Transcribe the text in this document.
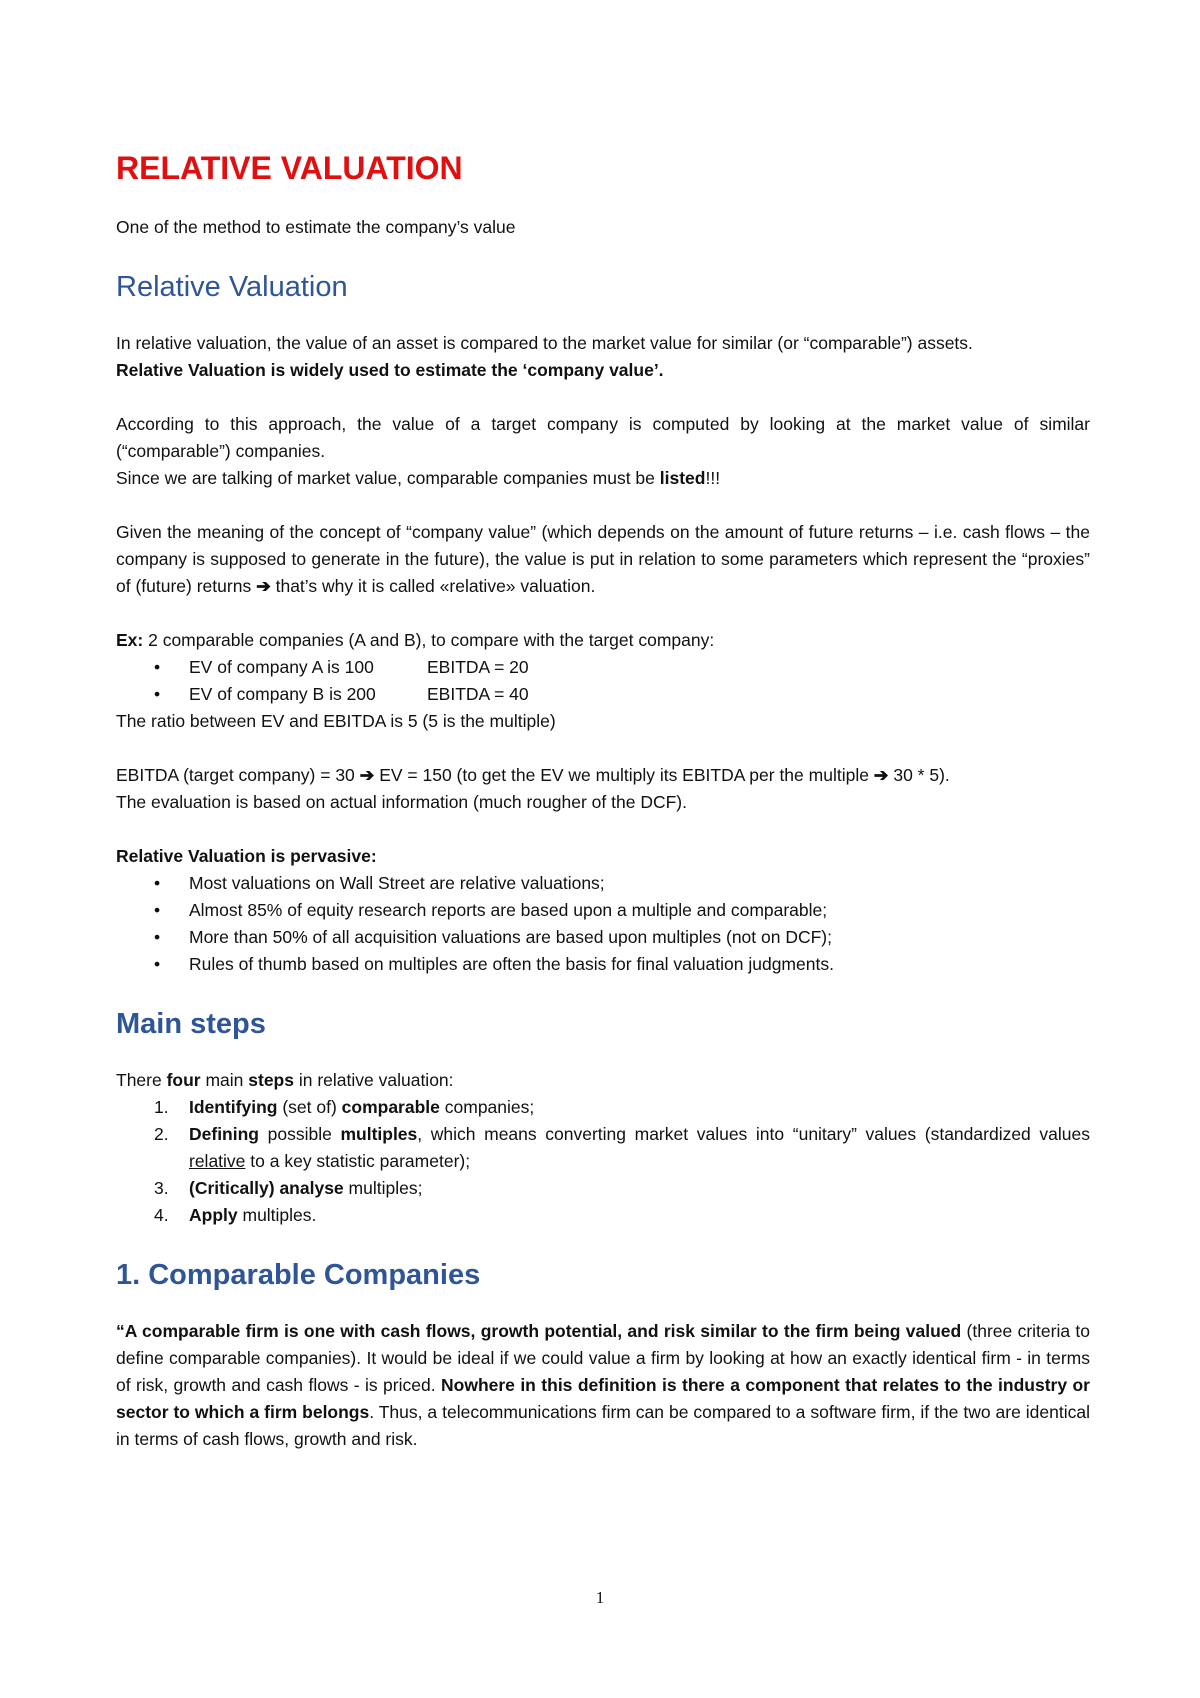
RELATIVE VALUATION

One of the method to estimate the company’s value

Relative Valuation

In relative valuation, the value of an asset is compared to the market value for similar (or “comparable”) assets.

Relative Valuation is widely used to estimate the ‘company value’.

According to this approach, the value of a target company is computed by looking at the market value of similar (“comparable”) companies.

Since we are talking of market value, comparable companies must be listed!!!

Given the meaning of the concept of “company value” (which depends on the amount of future returns – i.e. cash flows – the company is supposed to generate in the future), the value is put in relation to some parameters which represent the “proxies” of (future) returns ➔ that’s why it is called «relative» valuation.

Ex: 2 comparable companies (A and B), to compare with the target company:

• EV of company A is 100	EBITDA = 20
• EV of company B is 200	EBITDA = 40

The ratio between EV and EBITDA is 5 (5 is the multiple)

EBITDA (target company) = 30 ➔ EV = 150 (to get the EV we multiply its EBITDA per the multiple ➔ 30 * 5).

The evaluation is based on actual information (much rougher of the DCF).

Relative Valuation is pervasive:

• Most valuations on Wall Street are relative valuations;
• Almost 85% of equity research reports are based upon a multiple and comparable;
• More than 50% of all acquisition valuations are based upon multiples (not on DCF);
• Rules of thumb based on multiples are often the basis for final valuation judgments.
Main steps

There four main steps in relative valuation:

1. Identifying (set of) comparable companies;
2. Defining possible multiples, which means converting market values into “unitary” values (standardized values relative to a key statistic parameter);
3. (Critically) analyse multiples;
4. Apply multiples.
1. Comparable Companies

“A comparable firm is one with cash flows, growth potential, and risk similar to the firm being valued (three criteria to define comparable companies). It would be ideal if we could value a firm by looking at how an exactly identical firm - in terms of risk, growth and cash flows - is priced. Nowhere in this definition is there a component that relates to the industry or sector to which a firm belongs. Thus, a telecommunications firm can be compared to a software firm, if the two are identical in terms of cash flows, growth and risk.

1
